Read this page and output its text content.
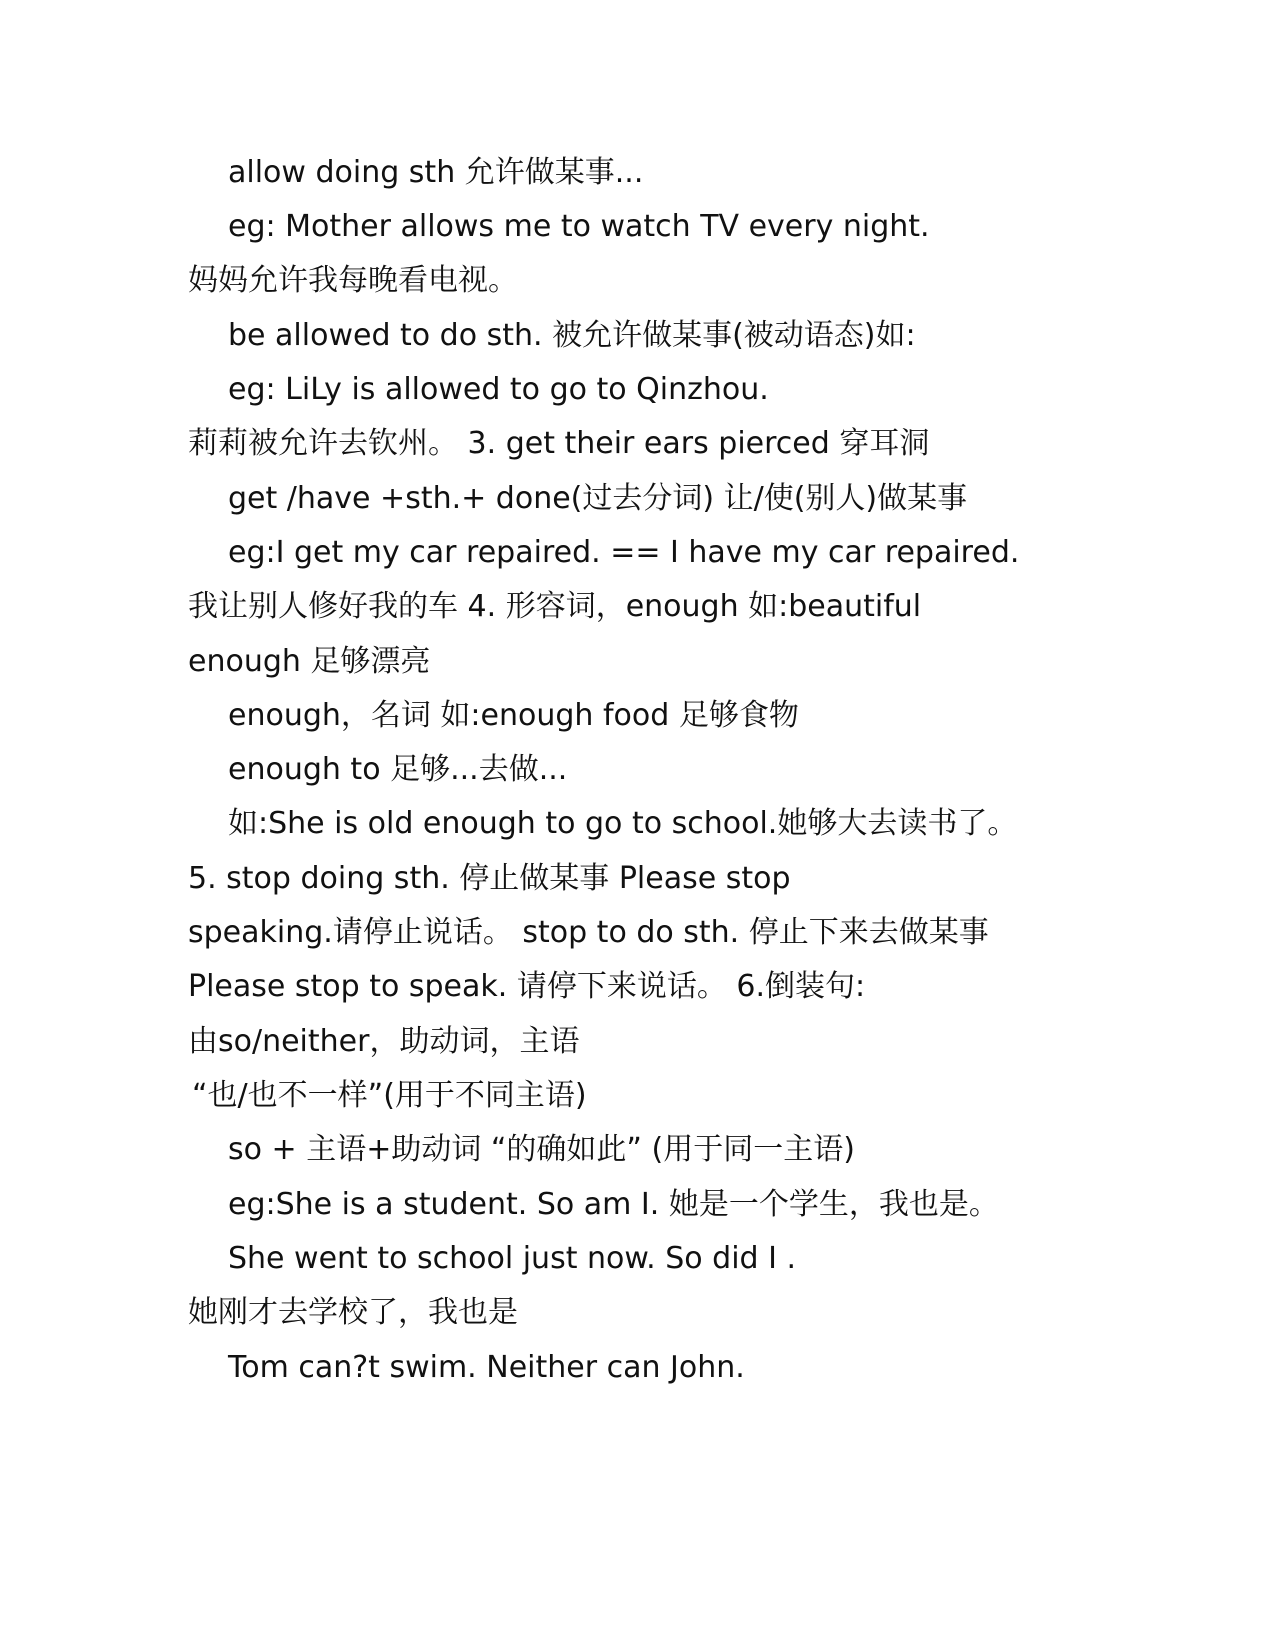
allow doing sth 允许做某事...
eg: Mother allows me to watch TV every night.
妈妈允许我每晚看电视。
be allowed to do sth. 被允许做某事(被动语态)如:
eg: LiLy is allowed to go to Qinzhou.
莉莉被允许去钦州。 3. get their ears pierced 穿耳洞
get /have +sth.+ done(过去分词) 让/使(别人)做某事
eg:I get my car repaired. == I have my car repaired.
我让别人修好我的车 4. 形容词，enough 如:beautiful
enough 足够漂亮
enough，名词 如:enough food 足够食物
enough to 足够...去做...
如:She is old enough to go to school.她够大去读书了。
5. stop doing sth. 停止做某事 Please stop
speaking.请停止说话。 stop to do sth. 停止下来去做某事
Please stop to speak. 请停下来说话。 6.倒装句:
由so/neither，助动词，主语
“也/也不一样”(用于不同主语)
so + 主语+助动词 “的确如此” (用于同一主语)
eg:She is a student. So am I. 她是一个学生，我也是。
She went to school just now. So did I .
她刚才去学校了，我也是
Tom can?t swim. Neither can John.
